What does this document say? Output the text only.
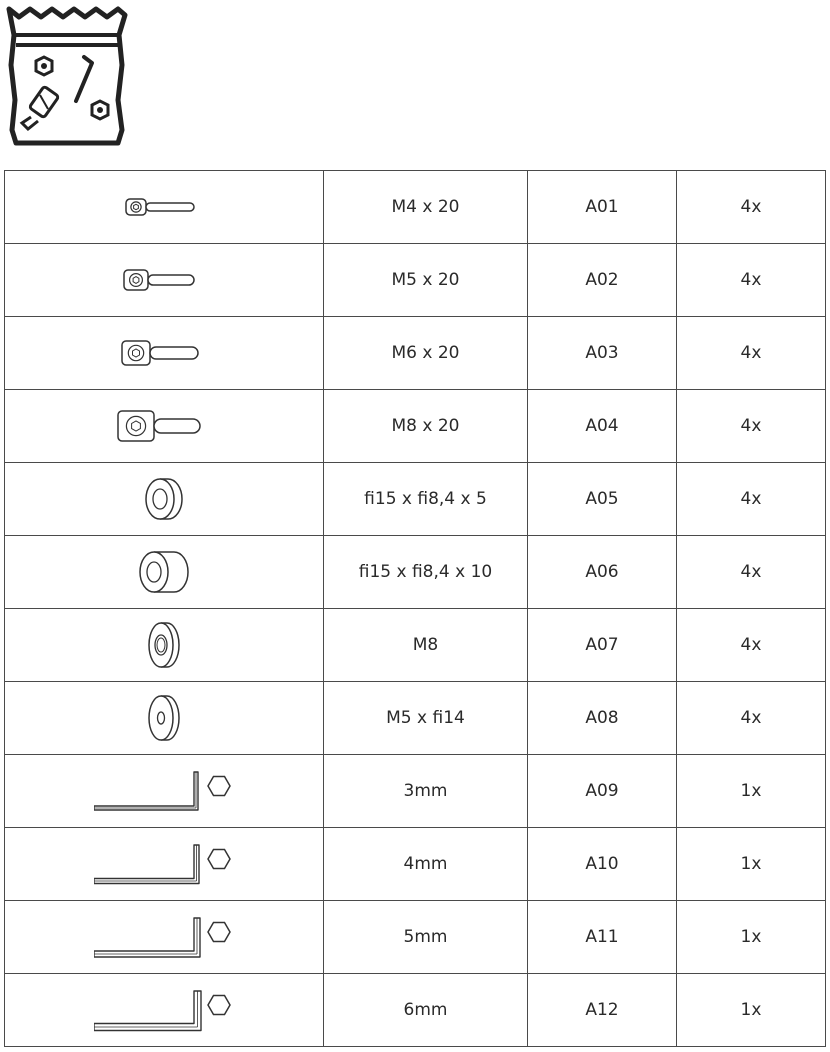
	M4 x 20	A01	4x

	M5 x 20	A02	4x

	M6 x 20	A03	4x

	M8 x 20	A04	4x

	fi15 x fi8,4 x 5	A05	4x

	fi15 x fi8,4 x 10	A06	4x

	M8	A07	4x

	M5 x fi14	A08	4x

	3mm	A09	1x

	4mm	A10	1x

	5mm	A11	1x

	6mm	A12	1x
